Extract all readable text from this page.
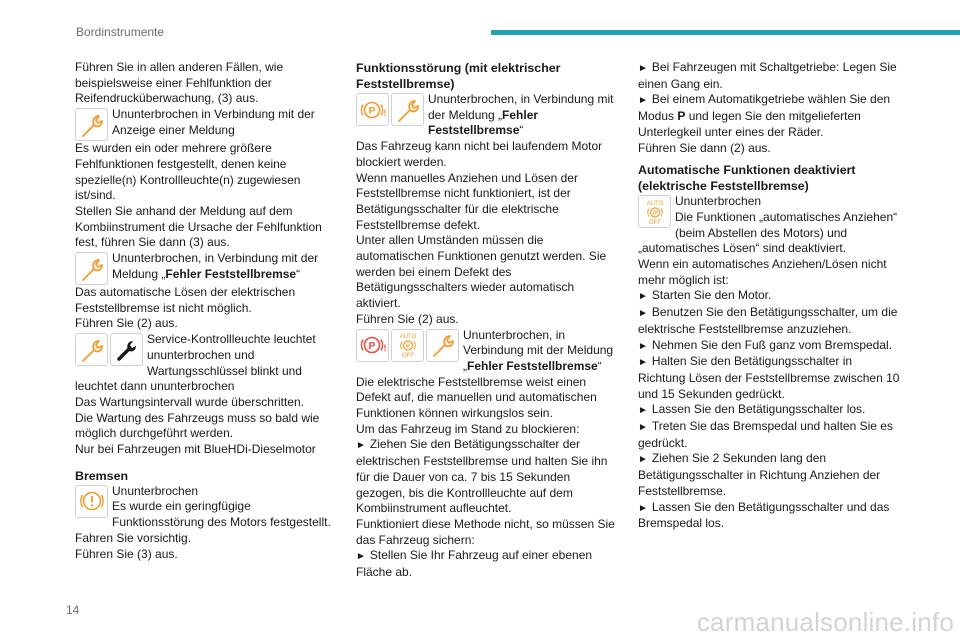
Bordinstrumente

Führen Sie in allen anderen Fällen, wie beispielsweise einer Fehlfunktion der Reifendrucküberwachung, (3) aus.

Ununterbrochen in Verbindung mit der Anzeige einer Meldung

Es wurden ein oder mehrere größere Fehlfunktionen festgestellt, denen keine spezielle(n) Kontrollleuchte(n) zugewiesen ist/sind.

Stellen Sie anhand der Meldung auf dem Kombiinstrument die Ursache der Fehlfunktion fest, führen Sie dann (3) aus.

Ununterbrochen, in Verbindung mit der Meldung „Fehler Feststellbremse“

Das automatische Lösen der elektrischen Feststellbremse ist nicht möglich.

Führen Sie (2) aus.

Service-Kontrollleuchte leuchtet ununterbrochen und Wartungsschlüssel blinkt und leuchtet dann ununterbrochen

Das Wartungsintervall wurde überschritten.

Die Wartung des Fahrzeugs muss so bald wie möglich durchgeführt werden.

Nur bei Fahrzeugen mit BlueHDi-Dieselmotor

Bremsen

Ununterbrochen
Es wurde ein geringfügige Funktionsstörung des Motors festgestellt.

Fahren Sie vorsichtig.

Führen Sie (3) aus.

Funktionsstörung (mit elektrischer Feststellbremse)

P !
Ununterbrochen, in Verbindung mit der Meldung „Fehler Feststellbremse“

Das Fahrzeug kann nicht bei laufendem Motor blockiert werden.

Wenn manuelles Anziehen und Lösen der Feststellbremse nicht funktioniert, ist der Betätigungsschalter für die elektrische Feststellbremse defekt.

Unter allen Umständen müssen die automatischen Funktionen genutzt werden. Sie werden bei einem Defekt des Betätigungsschalters wieder automatisch aktiviert.

Führen Sie (2) aus.

P !
AUTO
P
OFF
Ununterbrochen, in Verbindung mit der Meldung „Fehler Feststellbremse“

Die elektrische Feststellbremse weist einen Defekt auf, die manuellen und automatischen Funktionen können wirkungslos sein.

Um das Fahrzeug im Stand zu blockieren:

► Ziehen Sie den Betätigungsschalter der elektrischen Feststellbremse und halten Sie ihn für die Dauer von ca. 7 bis 15 Sekunden gezogen, bis die Kontrollleuchte auf dem Kombiinstrument aufleuchtet.

Funktioniert diese Methode nicht, so müssen Sie das Fahrzeug sichern:

► Stellen Sie Ihr Fahrzeug auf einer ebenen Fläche ab.

► Bei Fahrzeugen mit Schaltgetriebe: Legen Sie einen Gang ein.

► Bei einem Automatikgetriebe wählen Sie den Modus P und legen Sie den mitgelieferten Unterlegkeil unter eines der Räder.

Führen Sie dann (2) aus.

Automatische Funktionen deaktiviert (elektrische Feststellbremse)

AUTO
P
OFF
Ununterbrochen
Die Funktionen „automatisches Anziehen“ (beim Abstellen des Motors) und „automatisches Lösen“ sind deaktiviert.

Wenn ein automatisches Anziehen/Lösen nicht mehr möglich ist:

► Starten Sie den Motor.

► Benutzen Sie den Betätigungsschalter, um die elektrische Feststellbremse anzuziehen.

► Nehmen Sie den Fuß ganz vom Bremspedal.

► Halten Sie den Betätigungsschalter in Richtung Lösen der Feststellbremse zwischen 10 und 15 Sekunden gedrückt.

► Lassen Sie den Betätigungsschalter los.

► Treten Sie das Bremspedal und halten Sie es gedrückt.

► Ziehen Sie 2 Sekunden lang den Betätigungsschalter in Richtung Anziehen der Feststellbremse.

► Lassen Sie den Betätigungsschalter und das Bremspedal los.

14	carmanualsonline.info
